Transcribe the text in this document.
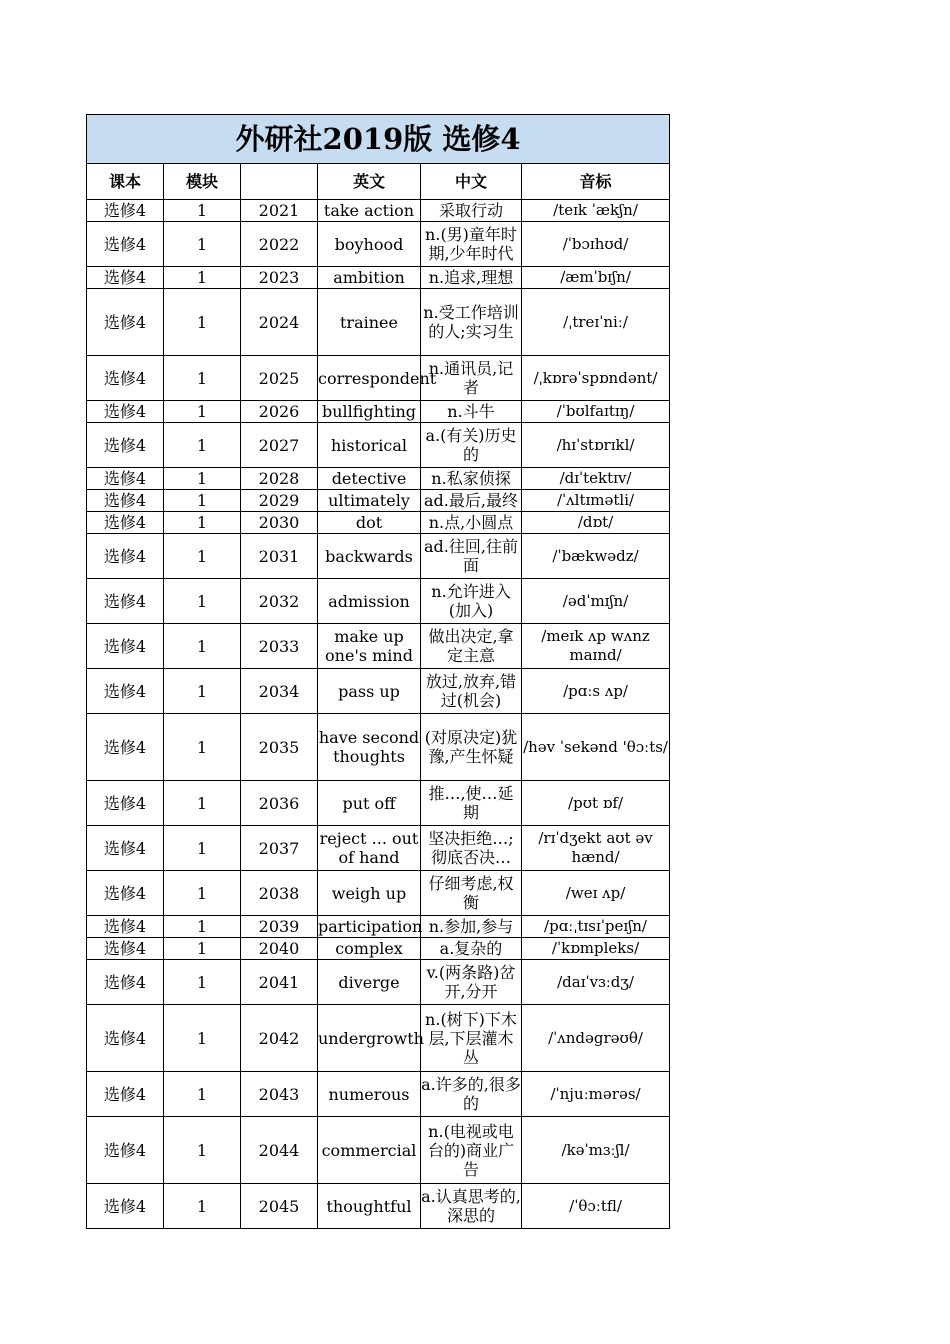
外研社2019版 选修4					
课本	模块		英文	中文	音标
选修4	1	2021	take action	采取行动	/teɪk ˈækʃn/
选修4	1	2022	boyhood	n.(男)童年时期,少年时代	/ˈbɔɪhʊd/
选修4	1	2023	ambition	n.追求,理想	/æmˈbɪʃn/
选修4	1	2024	trainee	n.受工作培训的人;实习生	/ˌtreɪˈniː/
选修4	1	2025	correspondent	n.通讯员,记者	/ˌkɒrəˈspɒndənt/
选修4	1	2026	bullfighting	n.斗牛	/ˈbʊlfaɪtɪŋ/
选修4	1	2027	historical	a.(有关)历史的	/hɪˈstɒrɪkl/
选修4	1	2028	detective	n.私家侦探	/dɪˈtektɪv/
选修4	1	2029	ultimately	ad.最后,最终	/ˈʌltɪmətli/
选修4	1	2030	dot	n.点,小圆点	/dɒt/
选修4	1	2031	backwards	ad.往回,往前面	/ˈbækwədz/
选修4	1	2032	admission	n.允许进入(加入)	/ədˈmɪʃn/
选修4	1	2033	make up one's mind	做出决定,拿定主意	/meɪk ʌp wʌnz maɪnd/
选修4	1	2034	pass up	放过,放弃,错过(机会)	/pɑːs ʌp/
选修4	1	2035	have second thoughts	(对原决定)犹豫,产生怀疑	/həv ˈsekənd 'θɔːts/
选修4	1	2036	put off	推…,使…延期	/pʊt ɒf/
选修4	1	2037	reject ... out of hand	坚决拒绝…;彻底否决…	/rɪˈdʒekt aʊt əv hænd/
选修4	1	2038	weigh up	仔细考虑,权衡	/weɪ ʌp/
选修4	1	2039	participation	n.参加,参与	/pɑːˌtɪsɪˈpeɪʃn/
选修4	1	2040	complex	a.复杂的	/ˈkɒmpleks/
选修4	1	2041	diverge	v.(两条路)岔开,分开	/daɪˈvɜːdʒ/
选修4	1	2042	undergrowth	n.(树下)下木层,下层灌木丛	/ˈʌndəgrəʊθ/
选修4	1	2043	numerous	a.许多的,很多的	/ˈnjuːmərəs/
选修4	1	2044	commercial	n.(电视或电台的)商业广告	/kəˈmɜːʃl/
选修4	1	2045	thoughtful	a.认真思考的,深思的	/ˈθɔːtfl/
